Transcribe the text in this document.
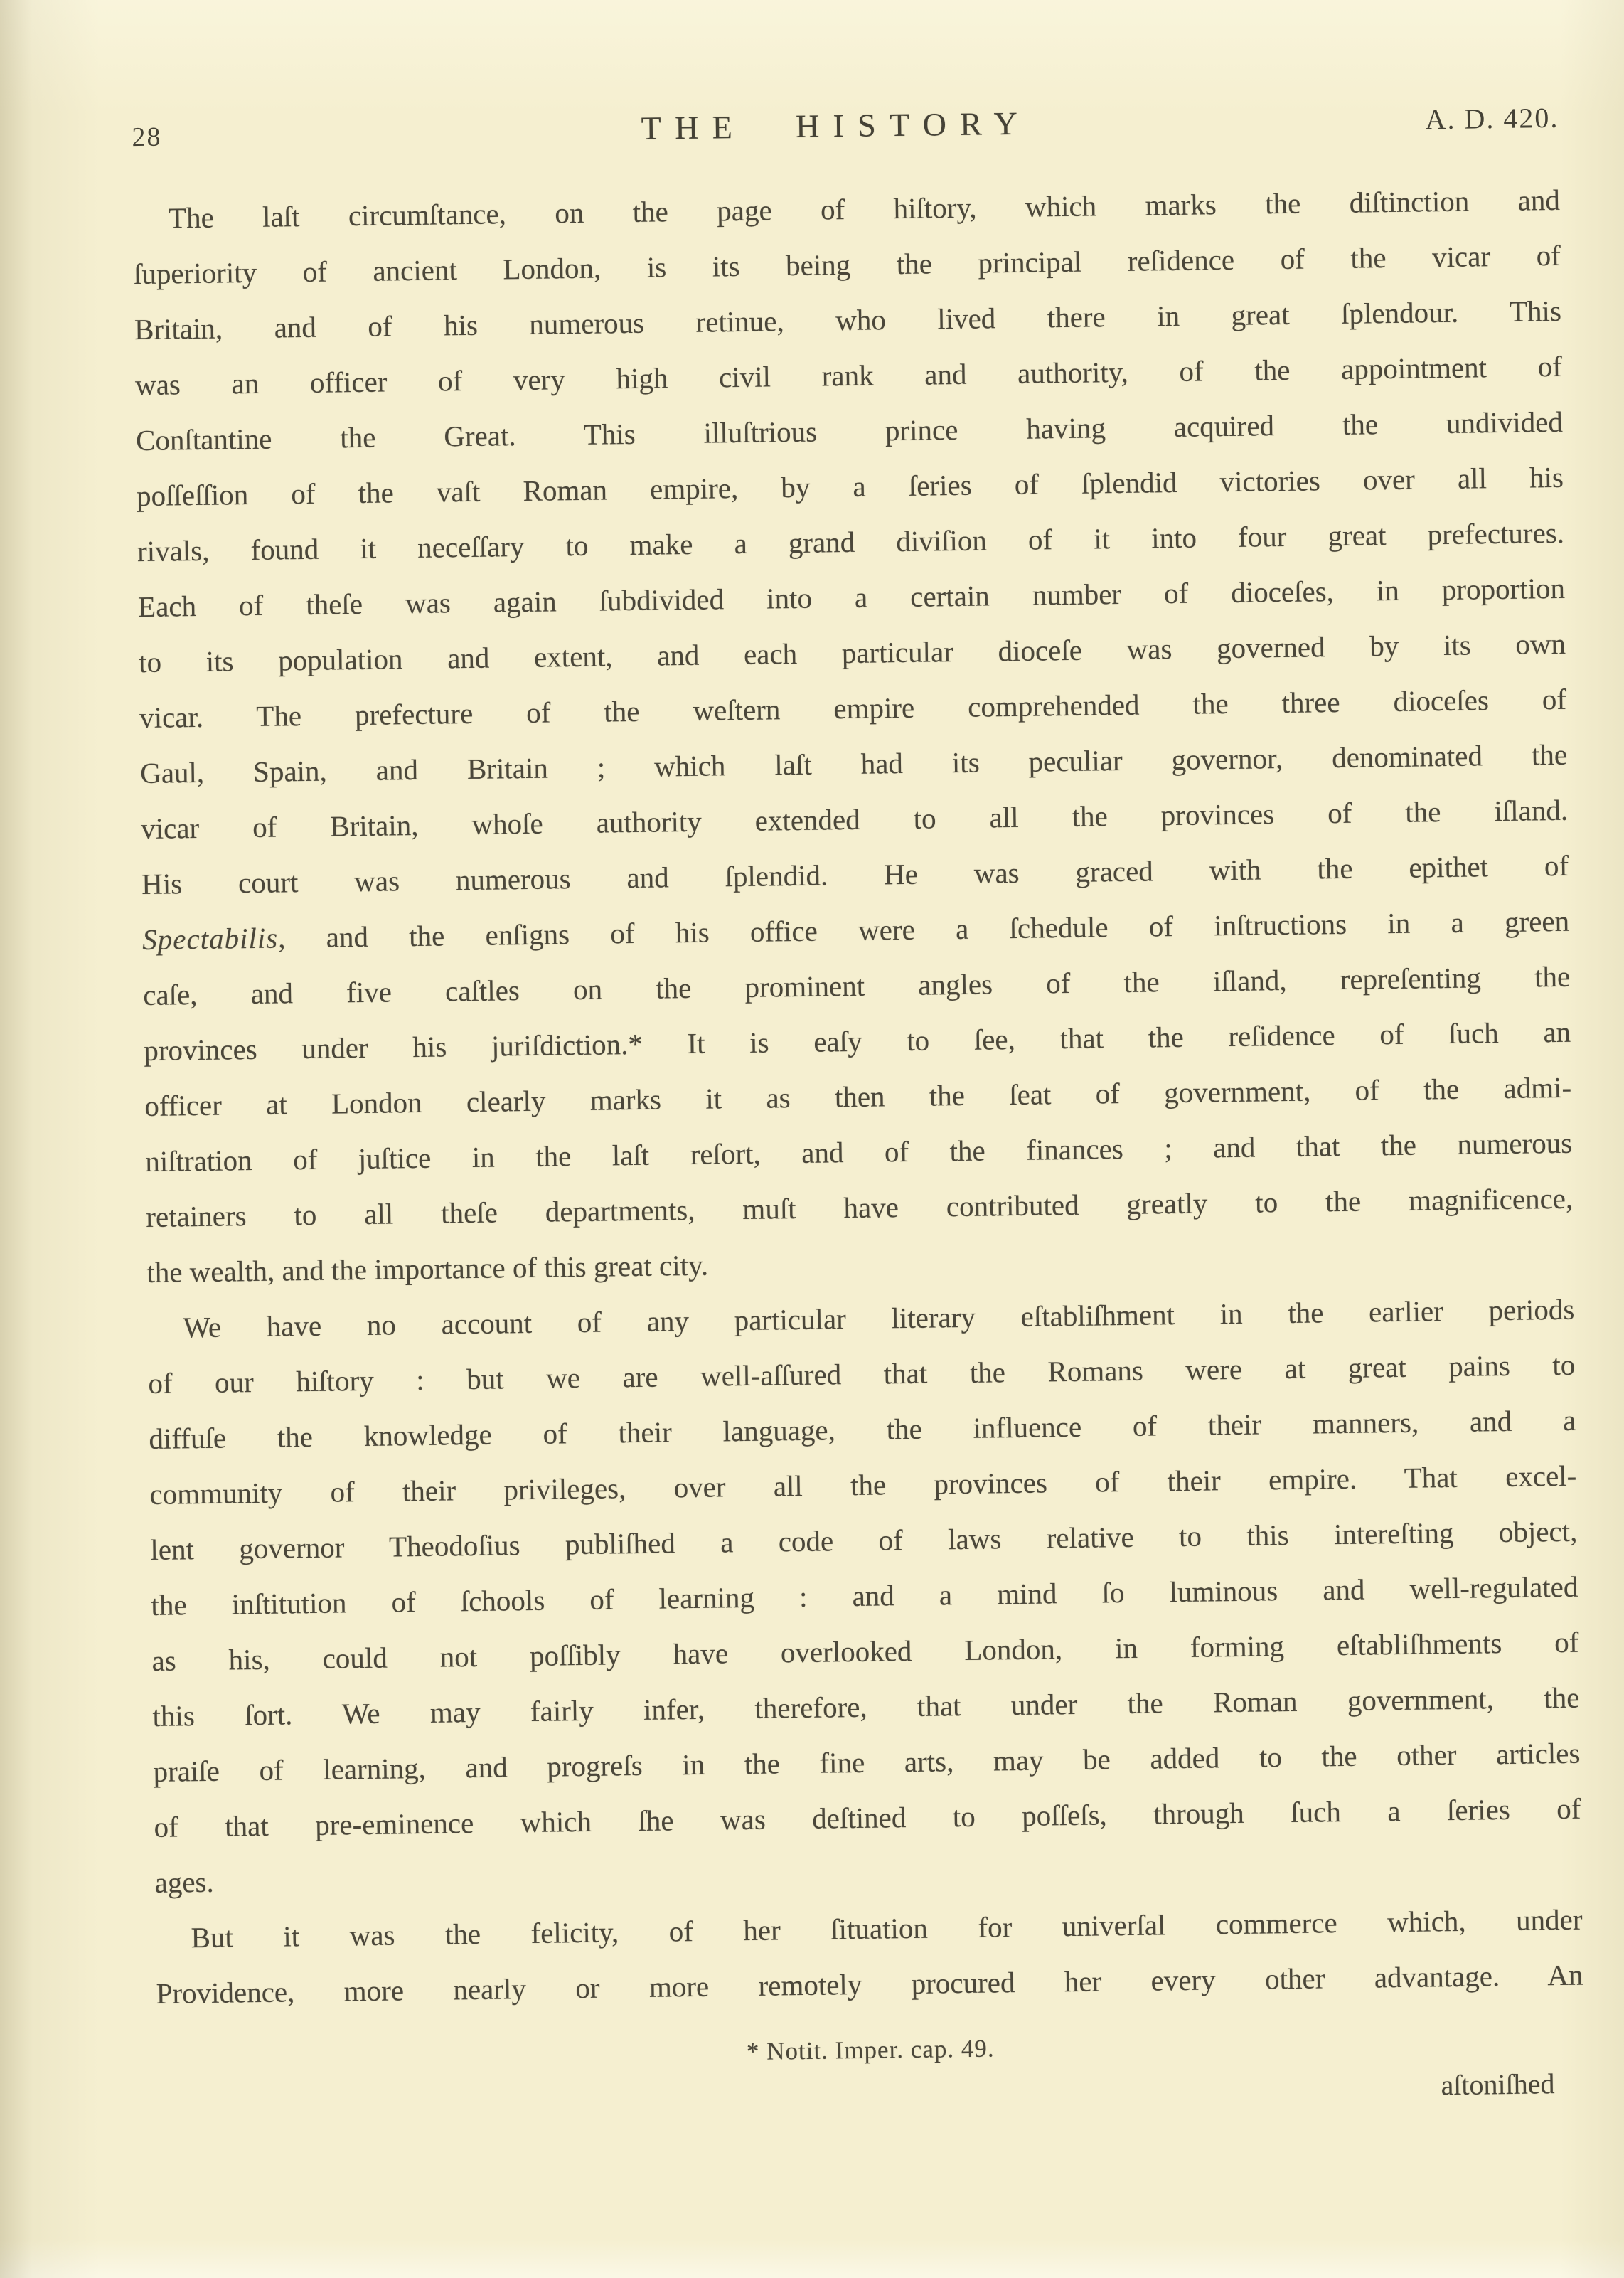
28	THE HISTORY	A. D. 420.
The laſt circumſtance, on the page of hiſtory, which marks the diſtinction and
ſuperiority of ancient London, is its being the principal reſidence of the vicar of
Britain, and of his numerous retinue, who lived there in great ſplendour. This
was an officer of very high civil rank and authority, of the appointment of
Conſtantine the Great. This illuſtrious prince having acquired the undivided
poſſeſſion of the vaſt Roman empire, by a ſeries of ſplendid victories over all his
rivals, found it neceſſary to make a grand diviſion of it into four great prefectures.
Each of theſe was again ſubdivided into a certain number of dioceſes, in proportion
to its population and extent, and each particular dioceſe was governed by its own
vicar. The prefecture of the weſtern empire comprehended the three dioceſes of
Gaul, Spain, and Britain ; which laſt had its peculiar governor, denominated the
vicar of Britain, whoſe authority extended to all the provinces of the iſland.
His court was numerous and ſplendid. He was graced with the epithet of
Spectabilis, and the enſigns of his office were a ſchedule of inſtructions in a green
caſe, and five caſtles on the prominent angles of the iſland, repreſenting the
provinces under his juriſdiction.* It is eaſy to ſee, that the reſidence of ſuch an
officer at London clearly marks it as then the ſeat of government, of the admi-
niſtration of juſtice in the laſt reſort, and of the finances ; and that the numerous
retainers to all theſe departments, muſt have contributed greatly to the magnificence,
the wealth, and the importance of this great city.
We have no account of any particular literary eſtabliſhment in the earlier periods
of our hiſtory : but we are well-aſſured that the Romans were at great pains to
diffuſe the knowledge of their language, the influence of their manners, and a
community of their privileges, over all the provinces of their empire. That excel-
lent governor Theodoſius publiſhed a code of laws relative to this intereſting object,
the inſtitution of ſchools of learning : and a mind ſo luminous and well-regulated
as his, could not poſſibly have overlooked London, in forming eſtabliſhments of
this ſort. We may fairly infer, therefore, that under the Roman government, the
praiſe of learning, and progreſs in the fine arts, may be added to the other articles
of that pre-eminence which ſhe was deſtined to poſſeſs, through ſuch a ſeries of
ages.
But it was the felicity, of her ſituation for univerſal commerce which, under
Providence, more nearly or more remotely procured her every other advantage. An
* Notit. Imper. cap. 49.
aſtoniſhed
